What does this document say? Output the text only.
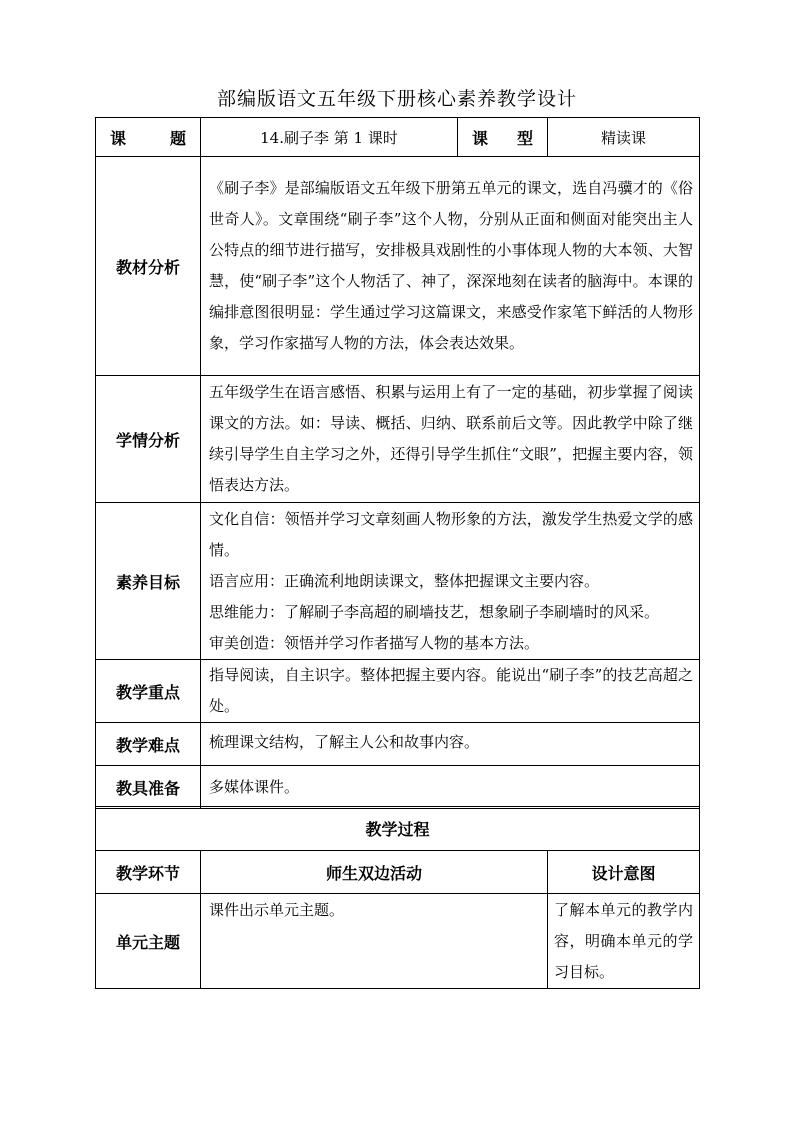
部编版语文五年级下册核心素养教学设计
课　题	14.刷子李 第 1 课时	课　型	精读课
教材分析	《刷子李》是部编版语文五年级下册第五单元的课文，选自冯骥才的《俗世奇人》。文章围绕“刷子李”这个人物，分别从正面和侧面对能突出主人公特点的细节进行描写，安排极具戏剧性的小事体现人物的大本领、大智慧，使“刷子李”这个人物活了、神了，深深地刻在读者的脑海中。本课的编排意图很明显：学生通过学习这篇课文，来感受作家笔下鲜活的人物形象，学习作家描写人物的方法，体会表达效果。		
学情分析	五年级学生在语言感悟、积累与运用上有了一定的基础，初步掌握了阅读课文的方法。如：导读、概括、归纳、联系前后文等。因此教学中除了继续引导学生自主学习之外，还得引导学生抓住“文眼”，把握主要内容，领悟表达方法。		
素养目标	文化自信：领悟并学习文章刻画人物形象的方法，激发学生热爱文学的感情。

语言应用：正确流利地朗读课文，整体把握课文主要内容。

思维能力：了解刷子李高超的刷墙技艺，想象刷子李刷墙时的风采。

审美创造：领悟并学习作者描写人物的基本方法。		

教学重点	指导阅读，自主识字。整体把握主要内容。能说出“刷子李”的技艺高超之处。		
教学难点	梳理课文结构，了解主人公和故事内容。		
教具准备	多媒体课件。		
教学过程		
教学环节	师生双边活动	设计意图
单元主题	课件出示单元主题。	了解本单元的教学内容，明确本单元的学习目标。
